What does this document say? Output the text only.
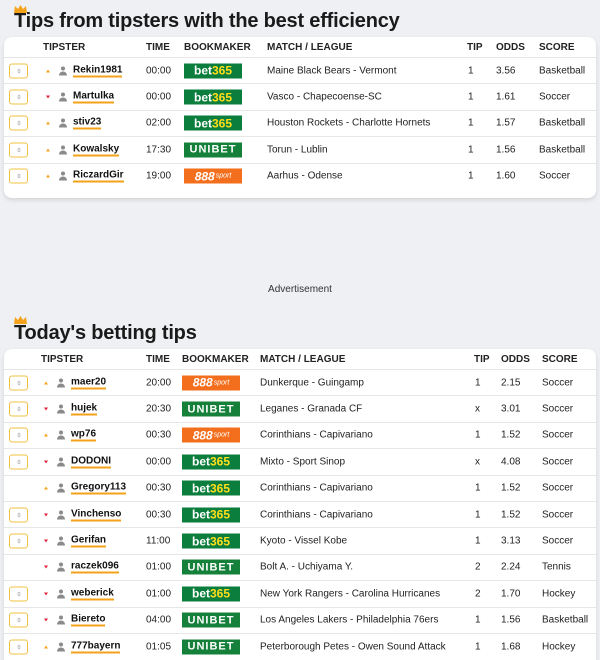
Tips from tipsters with the best efficiency
TIPSTER	TIME BOOKMAKER MATCH / LEAGUE	TIP ODDS SCORE
Rekin1981 00:00 bet 365	Maine Black Bears - Vermont	1 3.56 Basketball
Martulka	00:00 bet 365	Vasco - Chapecoense-SC	1 1.61 Soccer
stiv23	02:00 bet 365	Houston Rockets - Charlotte Hornets	1 1.57 Basketball
Kowalsky	17:30 UNIBET	Torun - Lublin	1 1.56 Basketball
RiczardGir 19:00 888 sport	Aarhus - Odense	1 1.60 Soccer
Advertisement
Today's betting tips
TIPSTER	TIME BOOKMAKER MATCH / LEAGUE	TIP ODDS SCORE
maer20	20:00 888 sport	Dunkerque - Guingamp	1 2.15 Soccer
hujek	20:30 UNIBET	Leganes - Granada CF	x 3.01 Soccer
wp76	00:30 888 sport	Corinthians - Capivariano	1 1.52 Soccer
DODONI	00:00 bet 365	Mixto - Sport Sinop	x 4.08 Soccer
Gregory113 00:30 bet 365	Corinthians - Capivariano	1 1.52 Soccer
Vinchenso 00:30 bet 365	Corinthians - Capivariano	1 1.52 Soccer
Gerifan	11:00 bet 365	Kyoto - Vissel Kobe	1 3.13 Soccer
raczek096	01:00 UNIBET	Bolt A. - Uchiyama Y.	2 2.24 Tennis
weberick	01:00 bet 365	New York Rangers - Carolina Hurricanes	2 1.70 Hockey
Biereto	04:00 UNIBET	Los Angeles Lakers - Philadelphia 76ers	1 1.56 Basketball
777bayern	01:05 UNIBET	Peterborough Petes - Owen Sound Attack	1 1.68 Hockey
